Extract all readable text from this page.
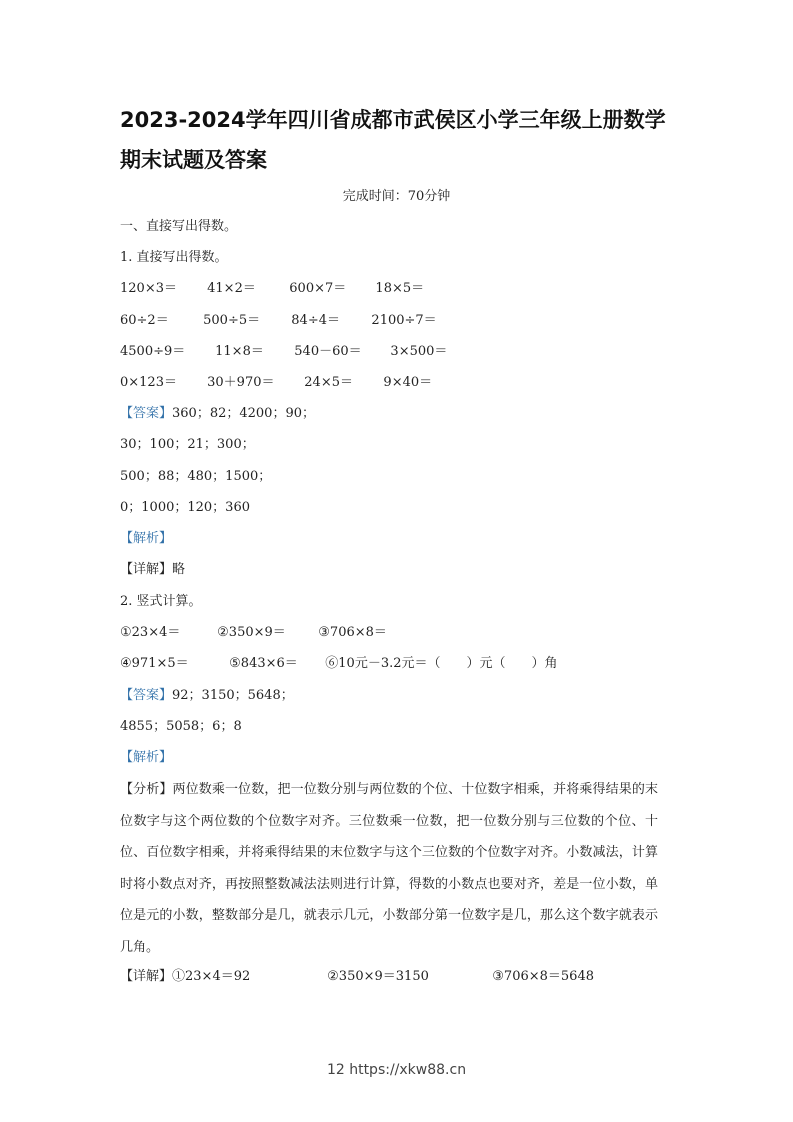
2023-2024学年四川省成都市武侯区小学三年级上册数学期末试题及答案
完成时间：70分钟
一、直接写出得数。
1. 直接写出得数。
120×3＝ 41×2＝	600×7＝ 18×5＝
60÷2＝	500÷5＝ 84÷4＝ 2100÷7＝
4500÷9＝ 11×8＝ 540－60＝ 3×500＝
0×123＝ 30＋970＝ 24×5＝ 9×40＝
【答案】360；82；4200；90；
30；100；21；300；
500；88；480；1500；
0；1000；120；360
【解析】
【详解】略
2. 竖式计算。
①23×4＝	②350×9＝	③706×8＝
④971×5＝	⑤843×6＝ ⑥10元－3.2元＝（　　）元（　　）角
【答案】92；3150；5648；
4855；5058；6；8
【解析】
【分析】两位数乘一位数，把一位数分别与两位数的个位、十位数字相乘，并将乘得结果的末位数字与这个两位数的个位数字对齐。三位数乘一位数，把一位数分别与三位数的个位、十位、百位数字相乘，并将乘得结果的末位数字与这个三位数的个位数字对齐。小数减法，计算时将小数点对齐，再按照整数减法法则进行计算，得数的小数点也要对齐，差是一位小数，单位是元的小数，整数部分是几，就表示几元，小数部分第一位数字是几，那么这个数字就表示几角。
【详解】①23×4＝92	②350×9＝3150	③706×8＝5648
12 https://xkw88.cn
